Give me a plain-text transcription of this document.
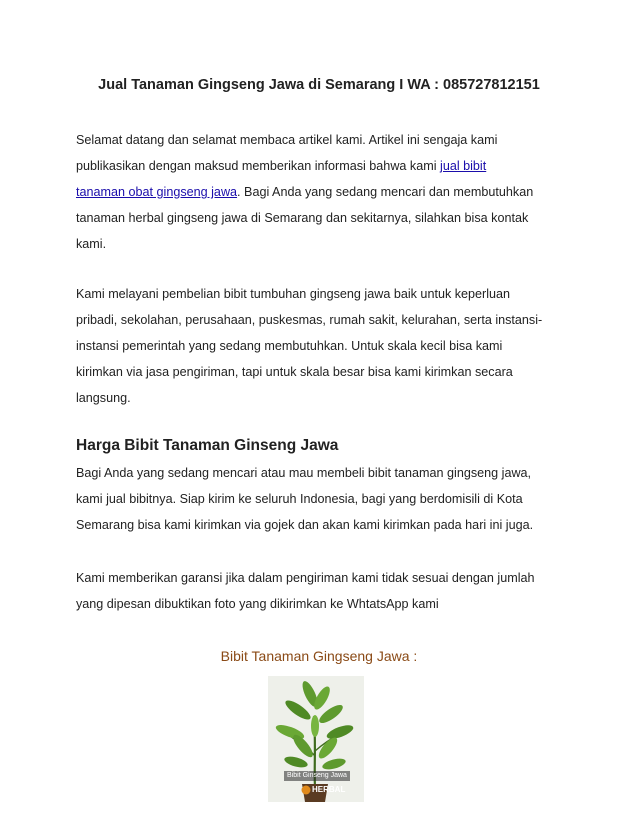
Jual Tanaman Gingseng Jawa di Semarang I WA : 085727812151
Selamat datang dan selamat membaca artikel kami. Artikel ini sengaja kami
publikasikan dengan maksud memberikan informasi bahwa kami jual bibit
tanaman obat gingseng jawa. Bagi Anda yang sedang mencari dan membutuhkan
tanaman herbal gingseng jawa di Semarang dan sekitarnya, silahkan bisa kontak
kami.
Kami melayani pembelian bibit tumbuhan gingseng jawa baik untuk keperluan
pribadi, sekolahan, perusahaan, puskesmas, rumah sakit, kelurahan, serta instansi-
instansi pemerintah yang sedang membutuhkan. Untuk skala kecil bisa kami
kirimkan via jasa pengiriman, tapi untuk skala besar bisa kami kirimkan secara
langsung.
Harga Bibit Tanaman Ginseng Jawa
Bagi Anda yang sedang mencari atau mau membeli bibit tanaman gingseng jawa,
kami jual bibitnya. Siap kirim ke seluruh Indonesia, bagi yang berdomisili di Kota
Semarang bisa kami kirimkan via gojek dan akan kami kirimkan pada hari ini juga.
Kami memberikan garansi jika dalam pengiriman kami tidak sesuai dengan jumlah
yang dipesan dibuktikan foto yang dikirimkan ke WhtatsApp kami
Bibit Tanaman Gingseng Jawa :
Bibit Ginseng Jawa
HERBAL
